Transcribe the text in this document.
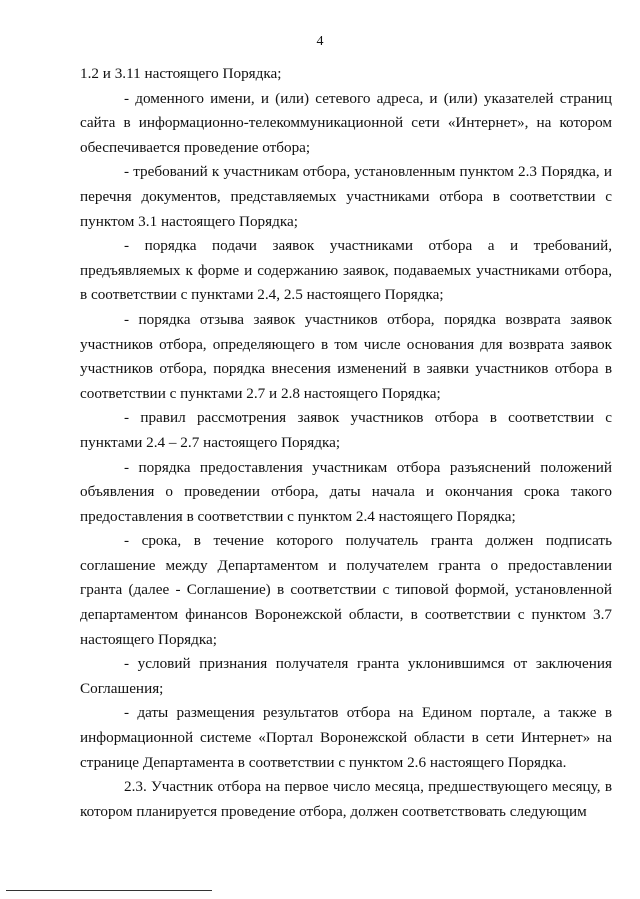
4

1.2 и 3.11 настоящего Порядка;

- доменного имени, и (или) сетевого адреса, и (или) указателей страниц сайта в информационно-телекоммуникационной сети «Интернет», на котором обеспечивается проведение отбора;

- требований к участникам отбора, установленным пунктом 2.3 Порядка, и перечня документов, представляемых участниками отбора в соответствии с пунктом 3.1 настоящего Порядка;

- порядка подачи заявок участниками отбора а и требований, предъявляемых к форме и содержанию заявок, подаваемых участниками отбора, в соответствии с пунктами 2.4, 2.5 настоящего Порядка;

- порядка отзыва заявок участников отбора, порядка возврата заявок участников отбора, определяющего в том числе основания для возврата заявок участников отбора, порядка внесения изменений в заявки участников отбора в соответствии с пунктами 2.7 и 2.8 настоящего Порядка;

- правил рассмотрения заявок участников отбора в соответствии с пунктами 2.4 – 2.7 настоящего Порядка;

- порядка предоставления участникам отбора разъяснений положений объявления о проведении отбора, даты начала и окончания срока такого предоставления в соответствии с пунктом 2.4 настоящего Порядка;

- срока, в течение которого получатель гранта должен подписать соглашение между Департаментом и получателем гранта о предоставлении гранта (далее - Соглашение) в соответствии с типовой формой, установленной департаментом финансов Воронежской области, в соответствии с пунктом 3.7 настоящего Порядка;

- условий признания получателя гранта уклонившимся от заключения Соглашения;

- даты размещения результатов отбора на Едином портале, а также в информационной системе «Портал Воронежской области в сети Интернет» на странице Департамента в соответствии с пунктом 2.6 настоящего Порядка.

2.3. Участник отбора на первое число месяца, предшествующего месяцу, в котором планируется проведение отбора, должен соответствовать следующим
